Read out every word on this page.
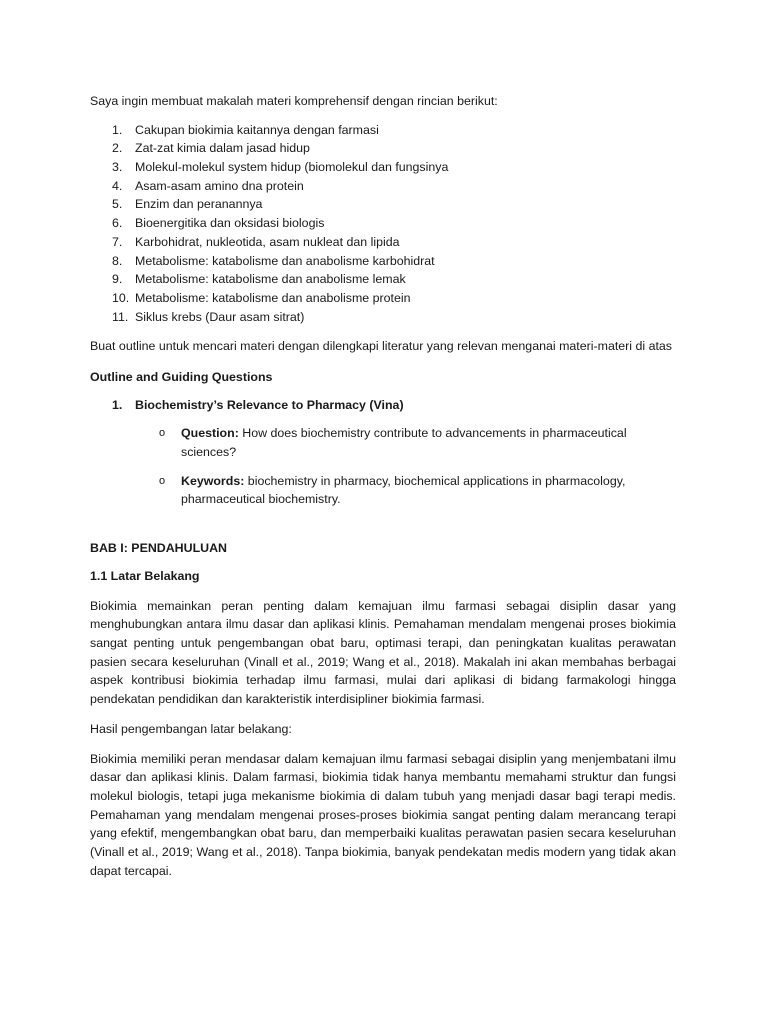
Saya ingin membuat makalah materi komprehensif dengan rincian berikut:

1.	Cakupan biokimia kaitannya dengan farmasi
2.	Zat-zat kimia dalam jasad hidup
3.	Molekul-molekul system hidup (biomolekul dan fungsinya
4.	Asam-asam amino dna protein
5.	Enzim dan peranannya
6.	Bioenergitika dan oksidasi biologis
7.	Karbohidrat, nukleotida, asam nukleat dan lipida
8.	Metabolisme: katabolisme dan anabolisme karbohidrat
9.	Metabolisme: katabolisme dan anabolisme lemak
10. Metabolisme: katabolisme dan anabolisme protein
11. Siklus krebs (Daur asam sitrat)

Buat outline untuk mencari materi dengan dilengkapi literatur yang relevan menganai materi-materi di atas

Outline and Guiding Questions

1. Biochemistry’s Relevance to Pharmacy (Vina)
o Question: How does biochemistry contribute to advancements in pharmaceutical sciences?
o Keywords: biochemistry in pharmacy, biochemical applications in pharmacology, pharmaceutical biochemistry.

BAB I: PENDAHULUAN

1.1 Latar Belakang

Biokimia memainkan peran penting dalam kemajuan ilmu farmasi sebagai disiplin dasar yang menghubungkan antara ilmu dasar dan aplikasi klinis. Pemahaman mendalam mengenai proses biokimia sangat penting untuk pengembangan obat baru, optimasi terapi, dan peningkatan kualitas perawatan pasien secara keseluruhan (Vinall et al., 2019; Wang et al., 2018). Makalah ini akan membahas berbagai aspek kontribusi biokimia terhadap ilmu farmasi, mulai dari aplikasi di bidang farmakologi hingga pendekatan pendidikan dan karakteristik interdisipliner biokimia farmasi.

Hasil pengembangan latar belakang:

Biokimia memiliki peran mendasar dalam kemajuan ilmu farmasi sebagai disiplin yang menjembatani ilmu dasar dan aplikasi klinis. Dalam farmasi, biokimia tidak hanya membantu memahami struktur dan fungsi molekul biologis, tetapi juga mekanisme biokimia di dalam tubuh yang menjadi dasar bagi terapi medis. Pemahaman yang mendalam mengenai proses-proses biokimia sangat penting dalam merancang terapi yang efektif, mengembangkan obat baru, dan memperbaiki kualitas perawatan pasien secara keseluruhan (Vinall et al., 2019; Wang et al., 2018). Tanpa biokimia, banyak pendekatan medis modern yang tidak akan dapat tercapai.
